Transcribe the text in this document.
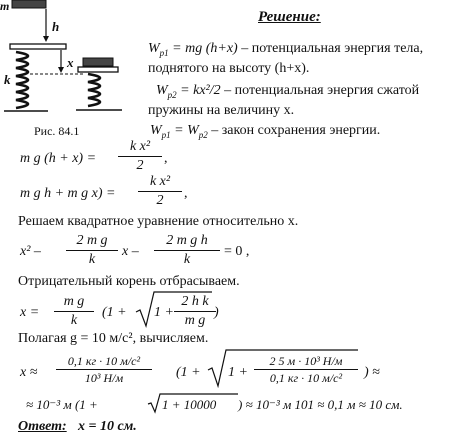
m
h
x
k
Рис. 84.1
Решение:
$W_{p1}$ = mg (h+x) – потенциальная энергия тела,
поднятого на высоту (h+x).
$W_{p2} = kx^2/2$ – потенциальная энергия сжатой
пружины на величину x.
$W_{p1} = W_{p2}$ – закон сохранения энергии.
m g (h + x) =
k x²
2	,
m g h + m g x) =
k x²
2	,
Решаем квадратное уравнение относительно x.
x² –
2 m g
k
x –
2 m g h
k
= 0 ,
Отрицательный корень отбрасываем.
x =
m g
k
(1 + 1 +
2 h k
m g
)
Полагая g = 10 м/с², вычисляем.
x ≈
0,1 кг · 10 м/с²
10³ Н/м	(1 + 1 +
2 5 м · 10³ Н/м
0,1 кг · 10 м/с²	) ≈
≈ 10⁻³ м (1 +	1 + 10000 ) ≈ 10⁻³ м 101 ≈ 0,1 м ≈ 10 см.
Ответ: x = 10 см.
